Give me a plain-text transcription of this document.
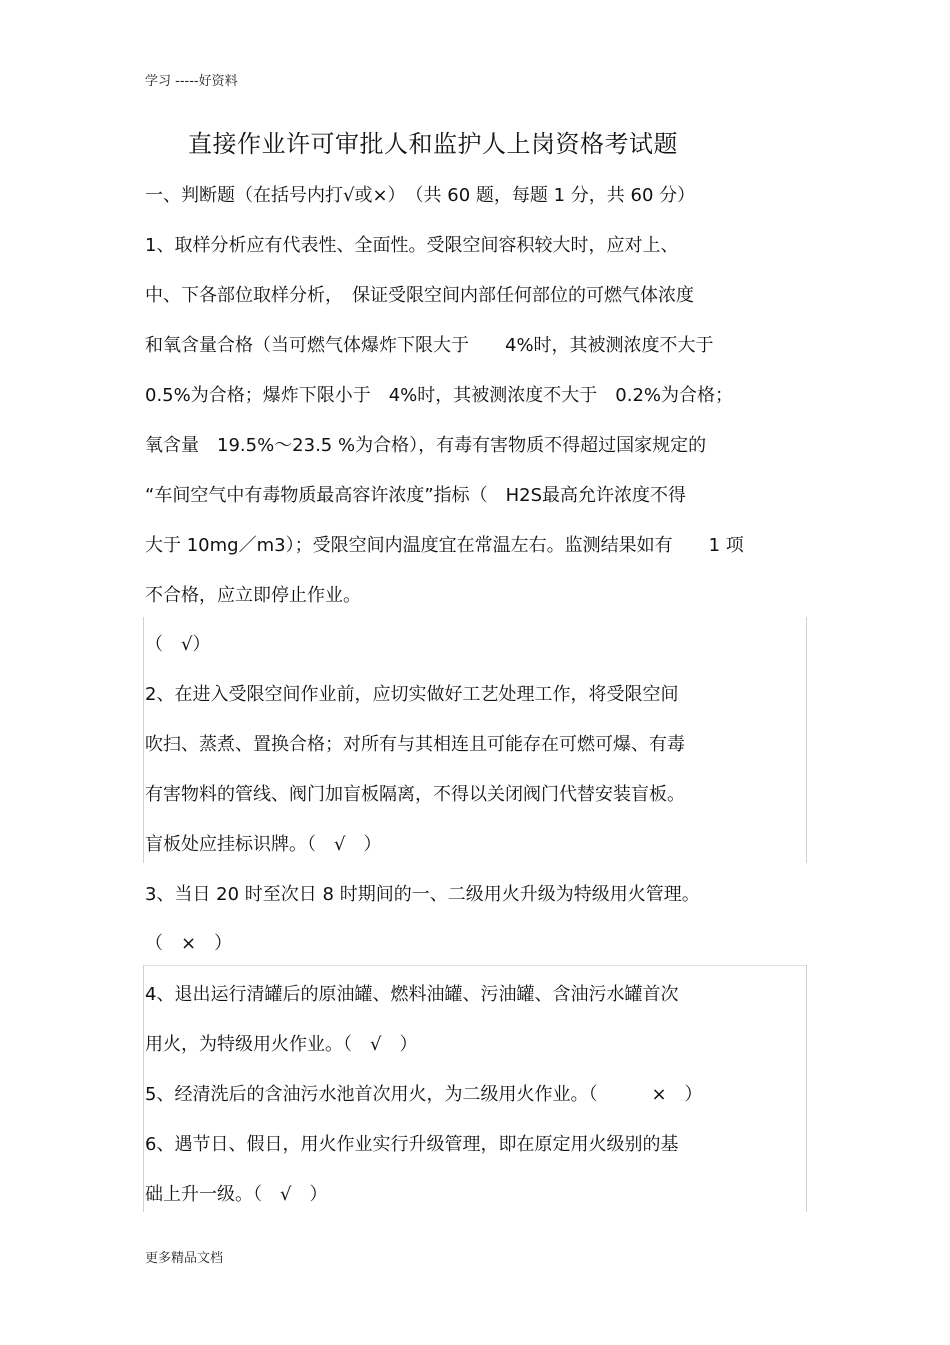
学习 -----好资料
直接作业许可审批人和监护人上岗资格考试题
一、判断题（在括号内打√或×）　（共 60 题，每题 1 分，共 60 分）
1、取样分析应有代表性、全面性。受限空间容积较大时，应对上、
中、下各部位取样分析，　保证受限空间内部任何部位的可燃气体浓度
和氧含量合格（当可燃气体爆炸下限大于　　4%时，其被测浓度不大于
0.5%为合格；爆炸下限小于　4%时，其被测浓度不大于　0.2%为合格；
氧含量　19.5%～23.5 %为合格），有毒有害物质不得超过国家规定的
“车间空气中有毒物质最高容许浓度”指标（　H2S最高允许浓度不得
大于 10mg／m3）；受限空间内温度宜在常温左右。监测结果如有　　1 项
不合格，应立即停止作业。
（　√）
2、在进入受限空间作业前，应切实做好工艺处理工作，将受限空间
吹扫、蒸煮、置换合格；对所有与其相连且可能存在可燃可爆、有毒
有害物料的管线、阀门加盲板隔离，不得以关闭阀门代替安装盲板。
盲板处应挂标识牌。（　√　）
3、当日 20 时至次日 8 时期间的一、二级用火升级为特级用火管理。
（　×　）
4、退出运行清罐后的原油罐、燃料油罐、污油罐、含油污水罐首次
用火，为特级用火作业。（　√　）
5、经清洗后的含油污水池首次用火，为二级用火作业。（　　　×　）
6、遇节日、假日，用火作业实行升级管理，即在原定用火级别的基
础上升一级。（　√　）
更多精品文档
